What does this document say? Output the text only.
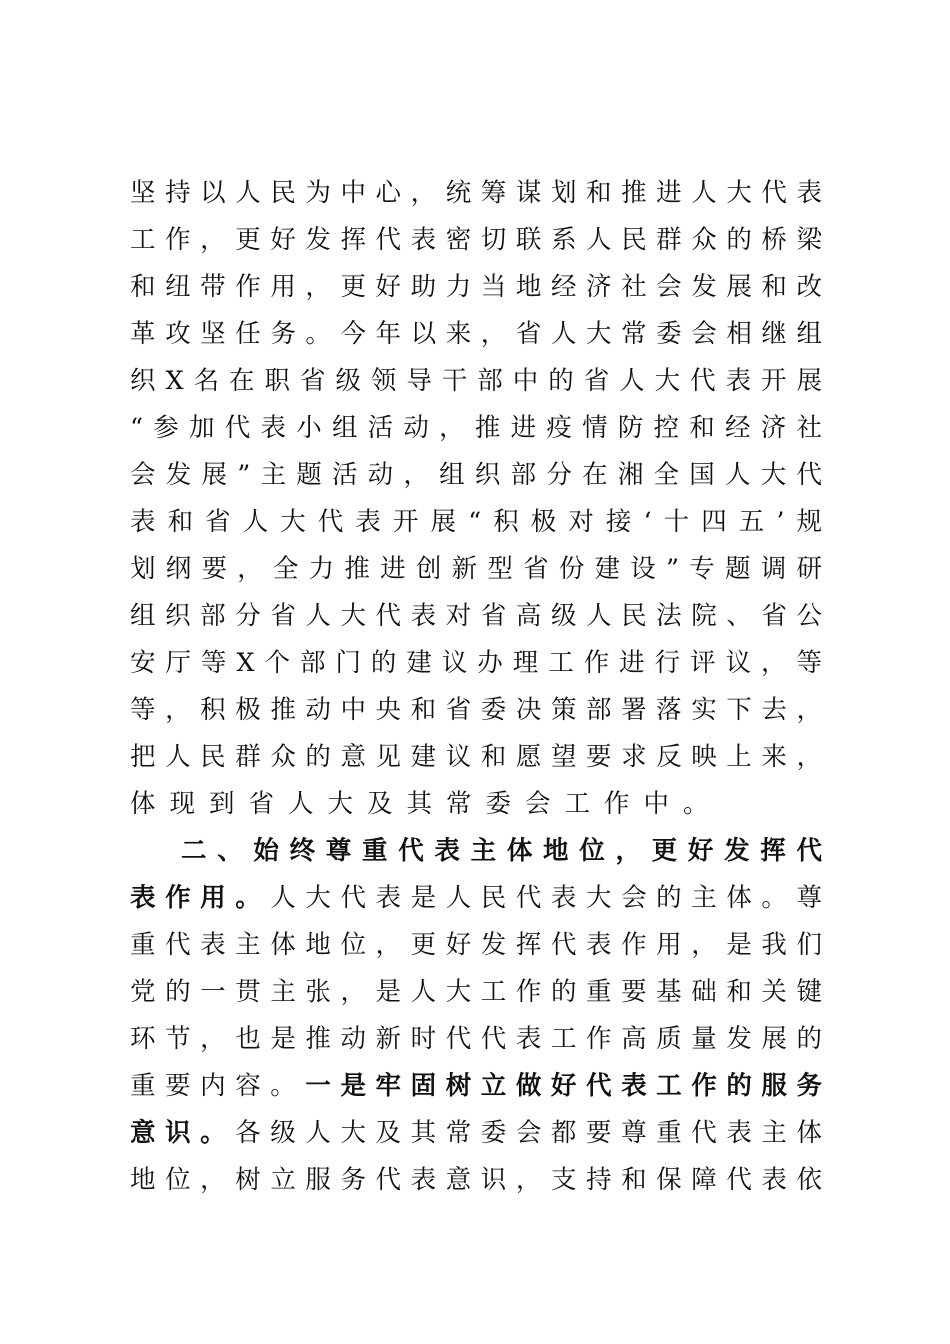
坚持以人民为中心，统筹谋划和推进人大代表
工作，更好发挥代表密切联系人民群众的桥梁
和纽带作用，更好助力当地经济社会发展和改
革攻坚任务。今年以来，省人大常委会相继组
织X名在职省级领导干部中的省人大代表开展
“参加代表小组活动，推进疫情防控和经济社
会发展”主题活动，组织部分在湘全国人大代
表和省人大代表开展“积极对接‘十四五’规
划纲要，全力推进创新型省份建设”专题调研
组织部分省人大代表对省高级人民法院、省公
安厅等X个部门的建议办理工作进行评议，等
等，积极推动中央和省委决策部署落实下去，
把人民群众的意见建议和愿望要求反映上来，
体现到省人大及其常委会工作中。
二、始终尊重代表主体地位，更好发挥代
表作用。人大代表是人民代表大会的主体。尊
重代表主体地位，更好发挥代表作用，是我们
党的一贯主张，是人大工作的重要基础和关键
环节，也是推动新时代代表工作高质量发展的
重要内容。一是牢固树立做好代表工作的服务
意识。各级人大及其常委会都要尊重代表主体
地位，树立服务代表意识，支持和保障代表依
